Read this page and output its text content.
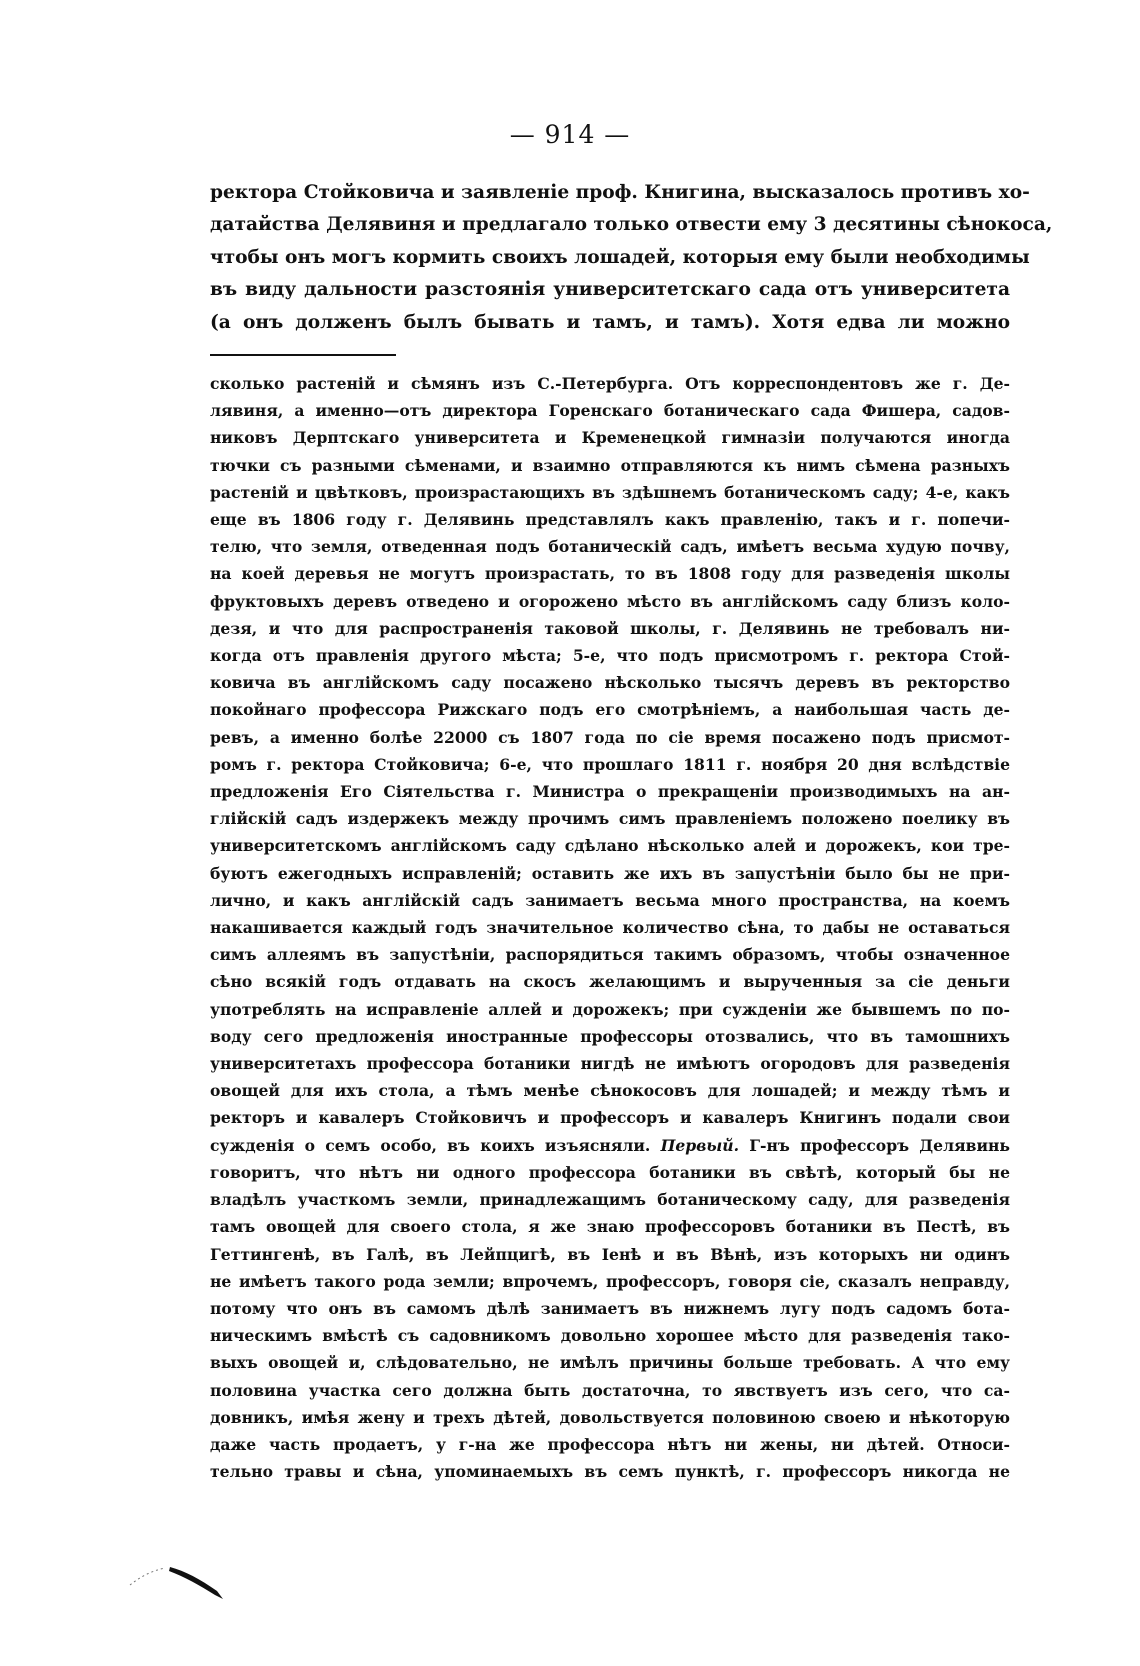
— 914 —
ректора Стойковича и заявленіе проф. Книгина, высказалось противъ хо-
датайства Делявиня и предлагало только отвести ему 3 десятины сѣнокоса,
чтобы онъ могъ кормить своихъ лошадей, которыя ему были необходимы
въ виду дальности разстоянія университетскаго сада отъ университета
(а онъ долженъ былъ бывать и тамъ, и тамъ). Хотя едва ли можно
сколько растеній и сѣмянъ изъ С.-Петербурга. Отъ корреспондентовъ же г. Де-
лявиня, а именно—отъ директора Горенскаго ботаническаго сада Фишера, садов-
никовъ Дерптскаго университета и Кременецкой гимназіи получаются иногда
тючки съ разными сѣменами, и взаимно отправляются къ нимъ сѣмена разныхъ
растеній и цвѣтковъ, произрастающихъ въ здѣшнемъ ботаническомъ саду; 4-е, какъ
еще въ 1806 году г. Делявинь представлялъ какъ правленію, такъ и г. попечи-
телю, что земля, отведенная подъ ботаническій садъ, имѣетъ весьма худую почву,
на коей деревья не могутъ произрастать, то въ 1808 году для разведенія школы
фруктовыхъ деревъ отведено и огорожено мѣсто въ англійскомъ саду близъ коло-
дезя, и что для распространенія таковой школы, г. Делявинь не требовалъ ни-
когда отъ правленія другого мѣста; 5-е, что подъ присмотромъ г. ректора Стой-
ковича въ англійскомъ саду посажено нѣсколько тысячъ деревъ въ ректорство
покойнаго профессора Рижскаго подъ его смотрѣніемъ, а наибольшая часть де-
ревъ, а именно болѣе 22000 съ 1807 года по сіе время посажено подъ присмот-
ромъ г. ректора Стойковича; 6-е, что прошлаго 1811 г. ноября 20 дня вслѣдствіе
предложенія Его Сіятельства г. Министра о прекращеніи производимыхъ на ан-
глійскій садъ издержекъ между прочимъ симъ правленіемъ положено поелику въ
университетскомъ англійскомъ саду сдѣлано нѣсколько алей и дорожекъ, кои тре-
буютъ ежегодныхъ исправленій; оставить же ихъ въ запустѣніи было бы не при-
лично, и какъ англійскій садъ занимаетъ весьма много пространства, на коемъ
накашивается каждый годъ значительное количество сѣна, то дабы не оставаться
симъ аллеямъ въ запустѣніи, распорядиться такимъ образомъ, чтобы означенное
сѣно всякій годъ отдавать на скосъ желающимъ и вырученныя за сіе деньги
употреблять на исправленіе аллей и дорожекъ; при сужденіи же бывшемъ по по-
воду сего предложенія иностранные профессоры отозвались, что въ тамошнихъ
университетахъ профессора ботаники нигдѣ не имѣютъ огородовъ для разведенія
овощей для ихъ стола, а тѣмъ менѣе сѣнокосовъ для лошадей; и между тѣмъ и
ректоръ и кавалеръ Стойковичъ и профессоръ и кавалеръ Книгинъ подали свои
сужденія о семъ особо, въ коихъ изъясняли. Первый. Г-нъ профессоръ Делявинь
говоритъ, что нѣтъ ни одного профессора ботаники въ свѣтѣ, который бы не
владѣлъ участкомъ земли, принадлежащимъ ботаническому саду, для разведенія
тамъ овощей для своего стола, я же знаю профессоровъ ботаники въ Пестѣ, въ
Геттингенѣ, въ Галѣ, въ Лейпцигѣ, въ Іенѣ и въ Вѣнѣ, изъ которыхъ ни одинъ
не имѣетъ такого рода земли; впрочемъ, профессоръ, говоря сіе, сказалъ неправду,
потому что онъ въ самомъ дѣлѣ занимаетъ въ нижнемъ лугу подъ садомъ бота-
ническимъ вмѣстѣ съ садовникомъ довольно хорошее мѣсто для разведенія тако-
выхъ овощей и, слѣдовательно, не имѣлъ причины больше требовать. А что ему
половина участка сего должна быть достаточна, то явствуетъ изъ сего, что са-
довникъ, имѣя жену и трехъ дѣтей, довольствуется половиною своею и нѣкоторую
даже часть продаетъ, у г-на же профессора нѣтъ ни жены, ни дѣтей. Относи-
тельно травы и сѣна, упоминаемыхъ въ семъ пунктѣ, г. профессоръ никогда не
